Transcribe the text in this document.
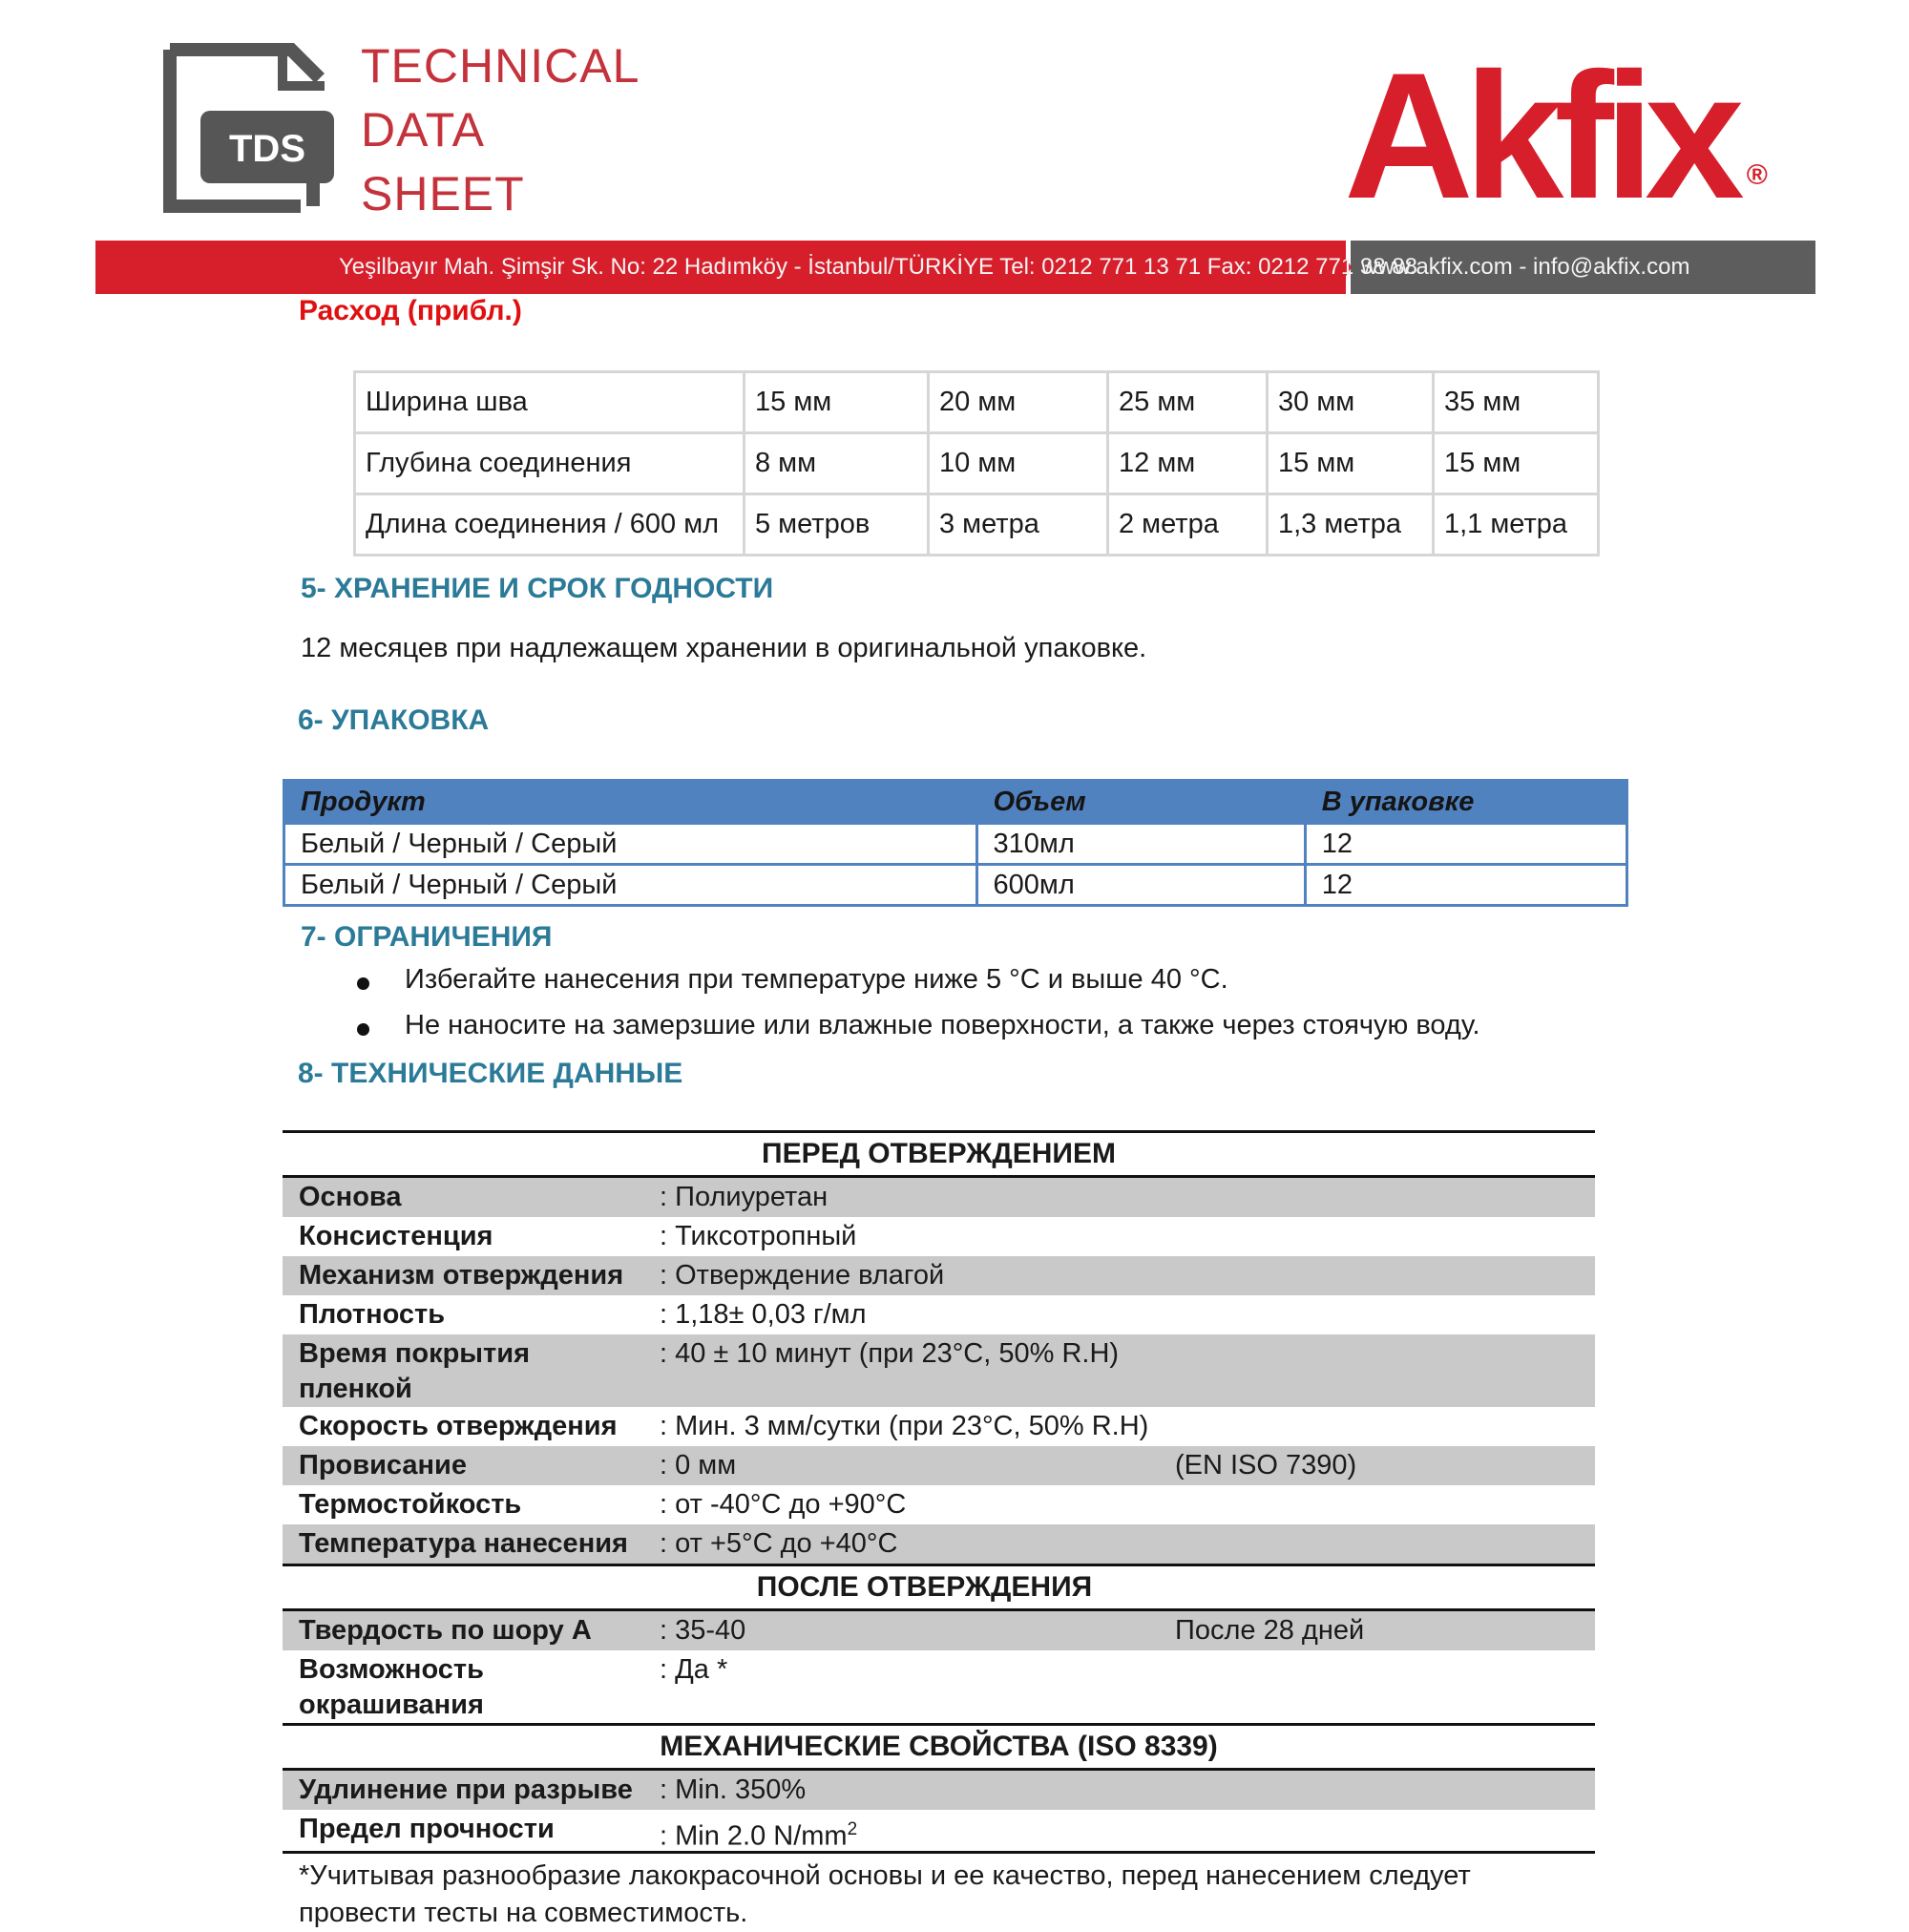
TDS
TECHNICAL
DATA
SHEET	Akfix ®
Yeşilbayır Mah. Şimşir Sk. No: 22 Hadımköy - İstanbul/TÜRKİYE Tel: 0212 771 13 71 Fax: 0212 771 38 88
www.akfix.com - info@akfix.com
Расход (прибл.)
Ширина шва	15 мм	20 мм	25 мм	30 мм	35 мм
Глубина соединения	8 мм	10 мм	12 мм	15 мм	15 мм
Длина соединения / 600 мл	5 метров	3 метра	2 метра	1,3 метра	1,1 метра
5- ХРАНЕНИЕ И СРОК ГОДНОСТИ
12 месяцев при надлежащем хранении в оригинальной упаковке.
6- УПАКОВКА
Продукт	Объем	В упаковке
Белый / Черный / Серый	310мл	12
Белый / Черный / Серый	600мл	12
7- ОГРАНИЧЕНИЯ
Избегайте нанесения при температуре ниже 5 °C и выше 40 °C.
Не наносите на замерзшие или влажные поверхности, а также через стоячую воду.
8- ТЕХНИЧЕСКИЕ ДАННЫЕ
ПЕРЕД ОТВЕРЖДЕНИЕМ
Основа	: Полиуретан
Консистенция	: Тиксотропный
Механизм отверждения : Отверждение влагой
Плотность	: 1,18± 0,03 г/мл
Время покрытия пленкой
: 40 ± 10 минут (при 23°C, 50% R.H)
Скорость отверждения : Мин. 3 мм/сутки (при 23°C, 50% R.H)
Провисание	: 0 мм	(EN ISO 7390)
Термостойкость	: от -40°C до +90°C
Температура нанесения : от +5°C до +40°C
ПОСЛЕ ОТВЕРЖДЕНИЯ
Твердость по шору А : 35-40	После 28 дней
Возможность окрашивания
: Да *
МЕХАНИЧЕСКИЕ СВОЙСТВА (ISO 8339)
Удлинение при разрыве : Min. 350%
Предел прочности	: Min 2.0 $N/mm^2$
*Учитывая разнообразие лакокрасочной основы и ее качество, перед нанесением следует провести тесты на совместимость.
